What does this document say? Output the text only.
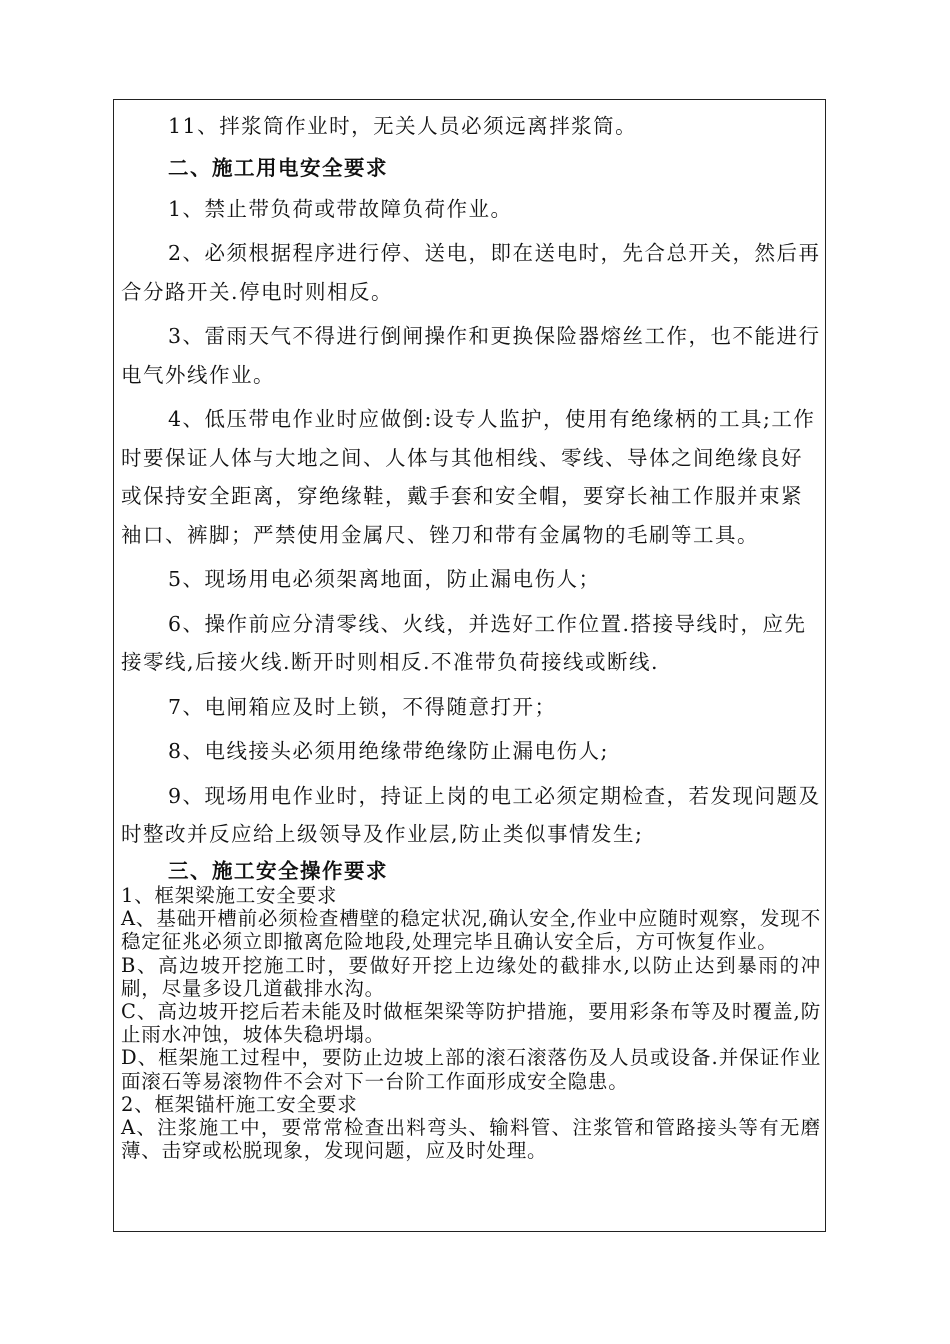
11、拌浆筒作业时，无关人员必须远离拌浆筒。

二、施工用电安全要求

1、禁止带负荷或带故障负荷作业。

2、必须根据程序进行停、送电，即在送电时，先合总开关，然后再合分路开关.停电时则相反。

3、雷雨天气不得进行倒闸操作和更换保险器熔丝工作，也不能进行电气外线作业。

4、低压带电作业时应做倒:设专人监护，使用有绝缘柄的工具;工作时要保证人体与大地之间、人体与其他相线、零线、导体之间绝缘良好或保持安全距离，穿绝缘鞋，戴手套和安全帽，要穿长袖工作服并束紧袖口、裤脚；严禁使用金属尺、锉刀和带有金属物的毛刷等工具。

5、现场用电必须架离地面，防止漏电伤人；

6、操作前应分清零线、火线，并选好工作位置.搭接导线时，应先接零线,后接火线.断开时则相反.不准带负荷接线或断线.

7、电闸箱应及时上锁，不得随意打开；

8、电线接头必须用绝缘带绝缘防止漏电伤人;

9、现场用电作业时，持证上岗的电工必须定期检查，若发现问题及时整改并反应给上级领导及作业层,防止类似事情发生;

三、施工安全操作要求

1、框架梁施工安全要求

A、基础开槽前必须检查槽壁的稳定状况,确认安全,作业中应随时观察，发现不稳定征兆必须立即撤离危险地段,处理完毕且确认安全后，方可恢复作业。

B、高边坡开挖施工时，要做好开挖上边缘处的截排水,以防止达到暴雨的冲刷，尽量多设几道截排水沟。

C、高边坡开挖后若未能及时做框架梁等防护措施，要用彩条布等及时覆盖,防止雨水冲蚀，坡体失稳坍塌。

D、框架施工过程中，要防止边坡上部的滚石滚落伤及人员或设备.并保证作业面滚石等易滚物件不会对下一台阶工作面形成安全隐患。

2、框架锚杆施工安全要求

A、注浆施工中，要常常检查出料弯头、输料管、注浆管和管路接头等有无磨薄、击穿或松脱现象，发现问题，应及时处理。
